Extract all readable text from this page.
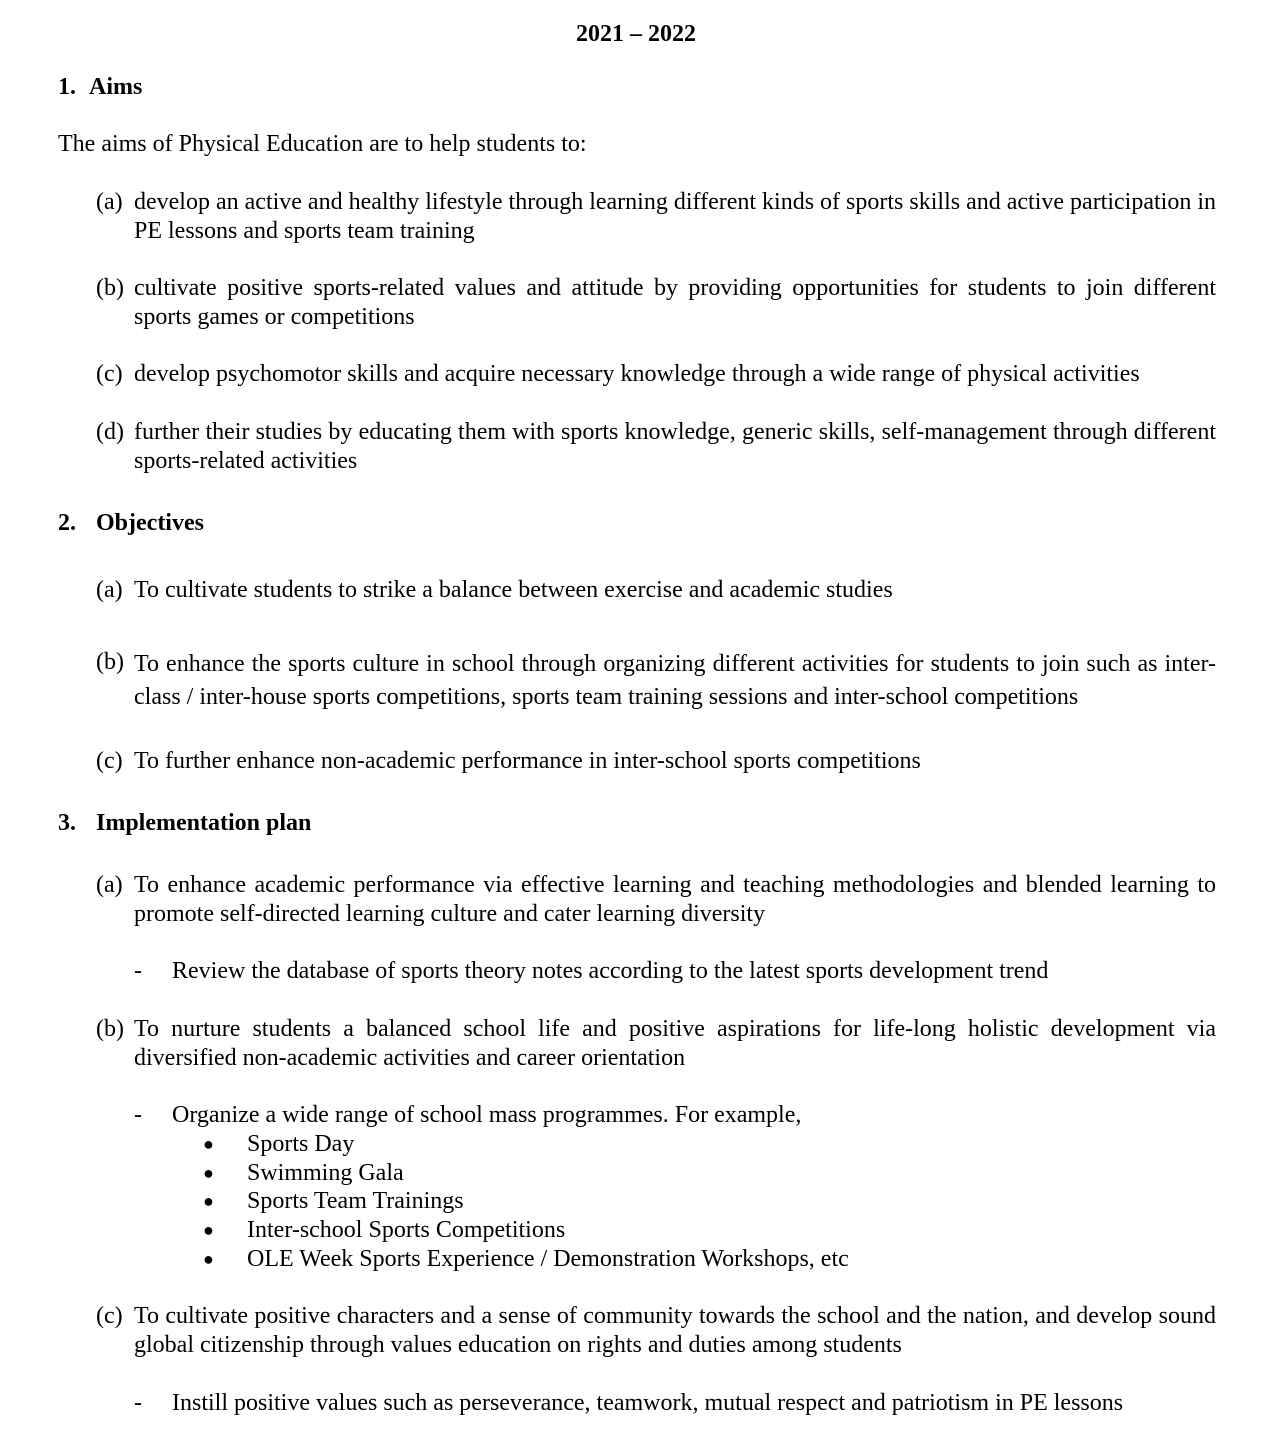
2021 – 2022
1. Aims
The aims of Physical Education are to help students to:
(a) develop an active and healthy lifestyle through learning different kinds of sports skills and active participation in PE lessons and sports team training
(b) cultivate positive sports-related values and attitude by providing opportunities for students to join different sports games or competitions
(c) develop psychomotor skills and acquire necessary knowledge through a wide range of physical activities
(d) further their studies by educating them with sports knowledge, generic skills, self-management through different sports-related activities
2. Objectives
(a) To cultivate students to strike a balance between exercise and academic studies
(b) To enhance the sports culture in school through organizing different activities for students to join such as inter-class / inter-house sports competitions, sports team training sessions and inter-school competitions
(c) To further enhance non-academic performance in inter-school sports competitions
3. Implementation plan
(a) To enhance academic performance via effective learning and teaching methodologies and blended learning to promote self-directed learning culture and cater learning diversity
- Review the database of sports theory notes according to the latest sports development trend
(b) To nurture students a balanced school life and positive aspirations for life-long holistic development via diversified non-academic activities and career orientation
- Organize a wide range of school mass programmes. For example,
● Sports Day
● Swimming Gala
● Sports Team Trainings
● Inter-school Sports Competitions
● OLE Week Sports Experience / Demonstration Workshops, etc
(c) To cultivate positive characters and a sense of community towards the school and the nation, and develop sound global citizenship through values education on rights and duties among students
- Instill positive values such as perseverance, teamwork, mutual respect and patriotism in PE lessons
